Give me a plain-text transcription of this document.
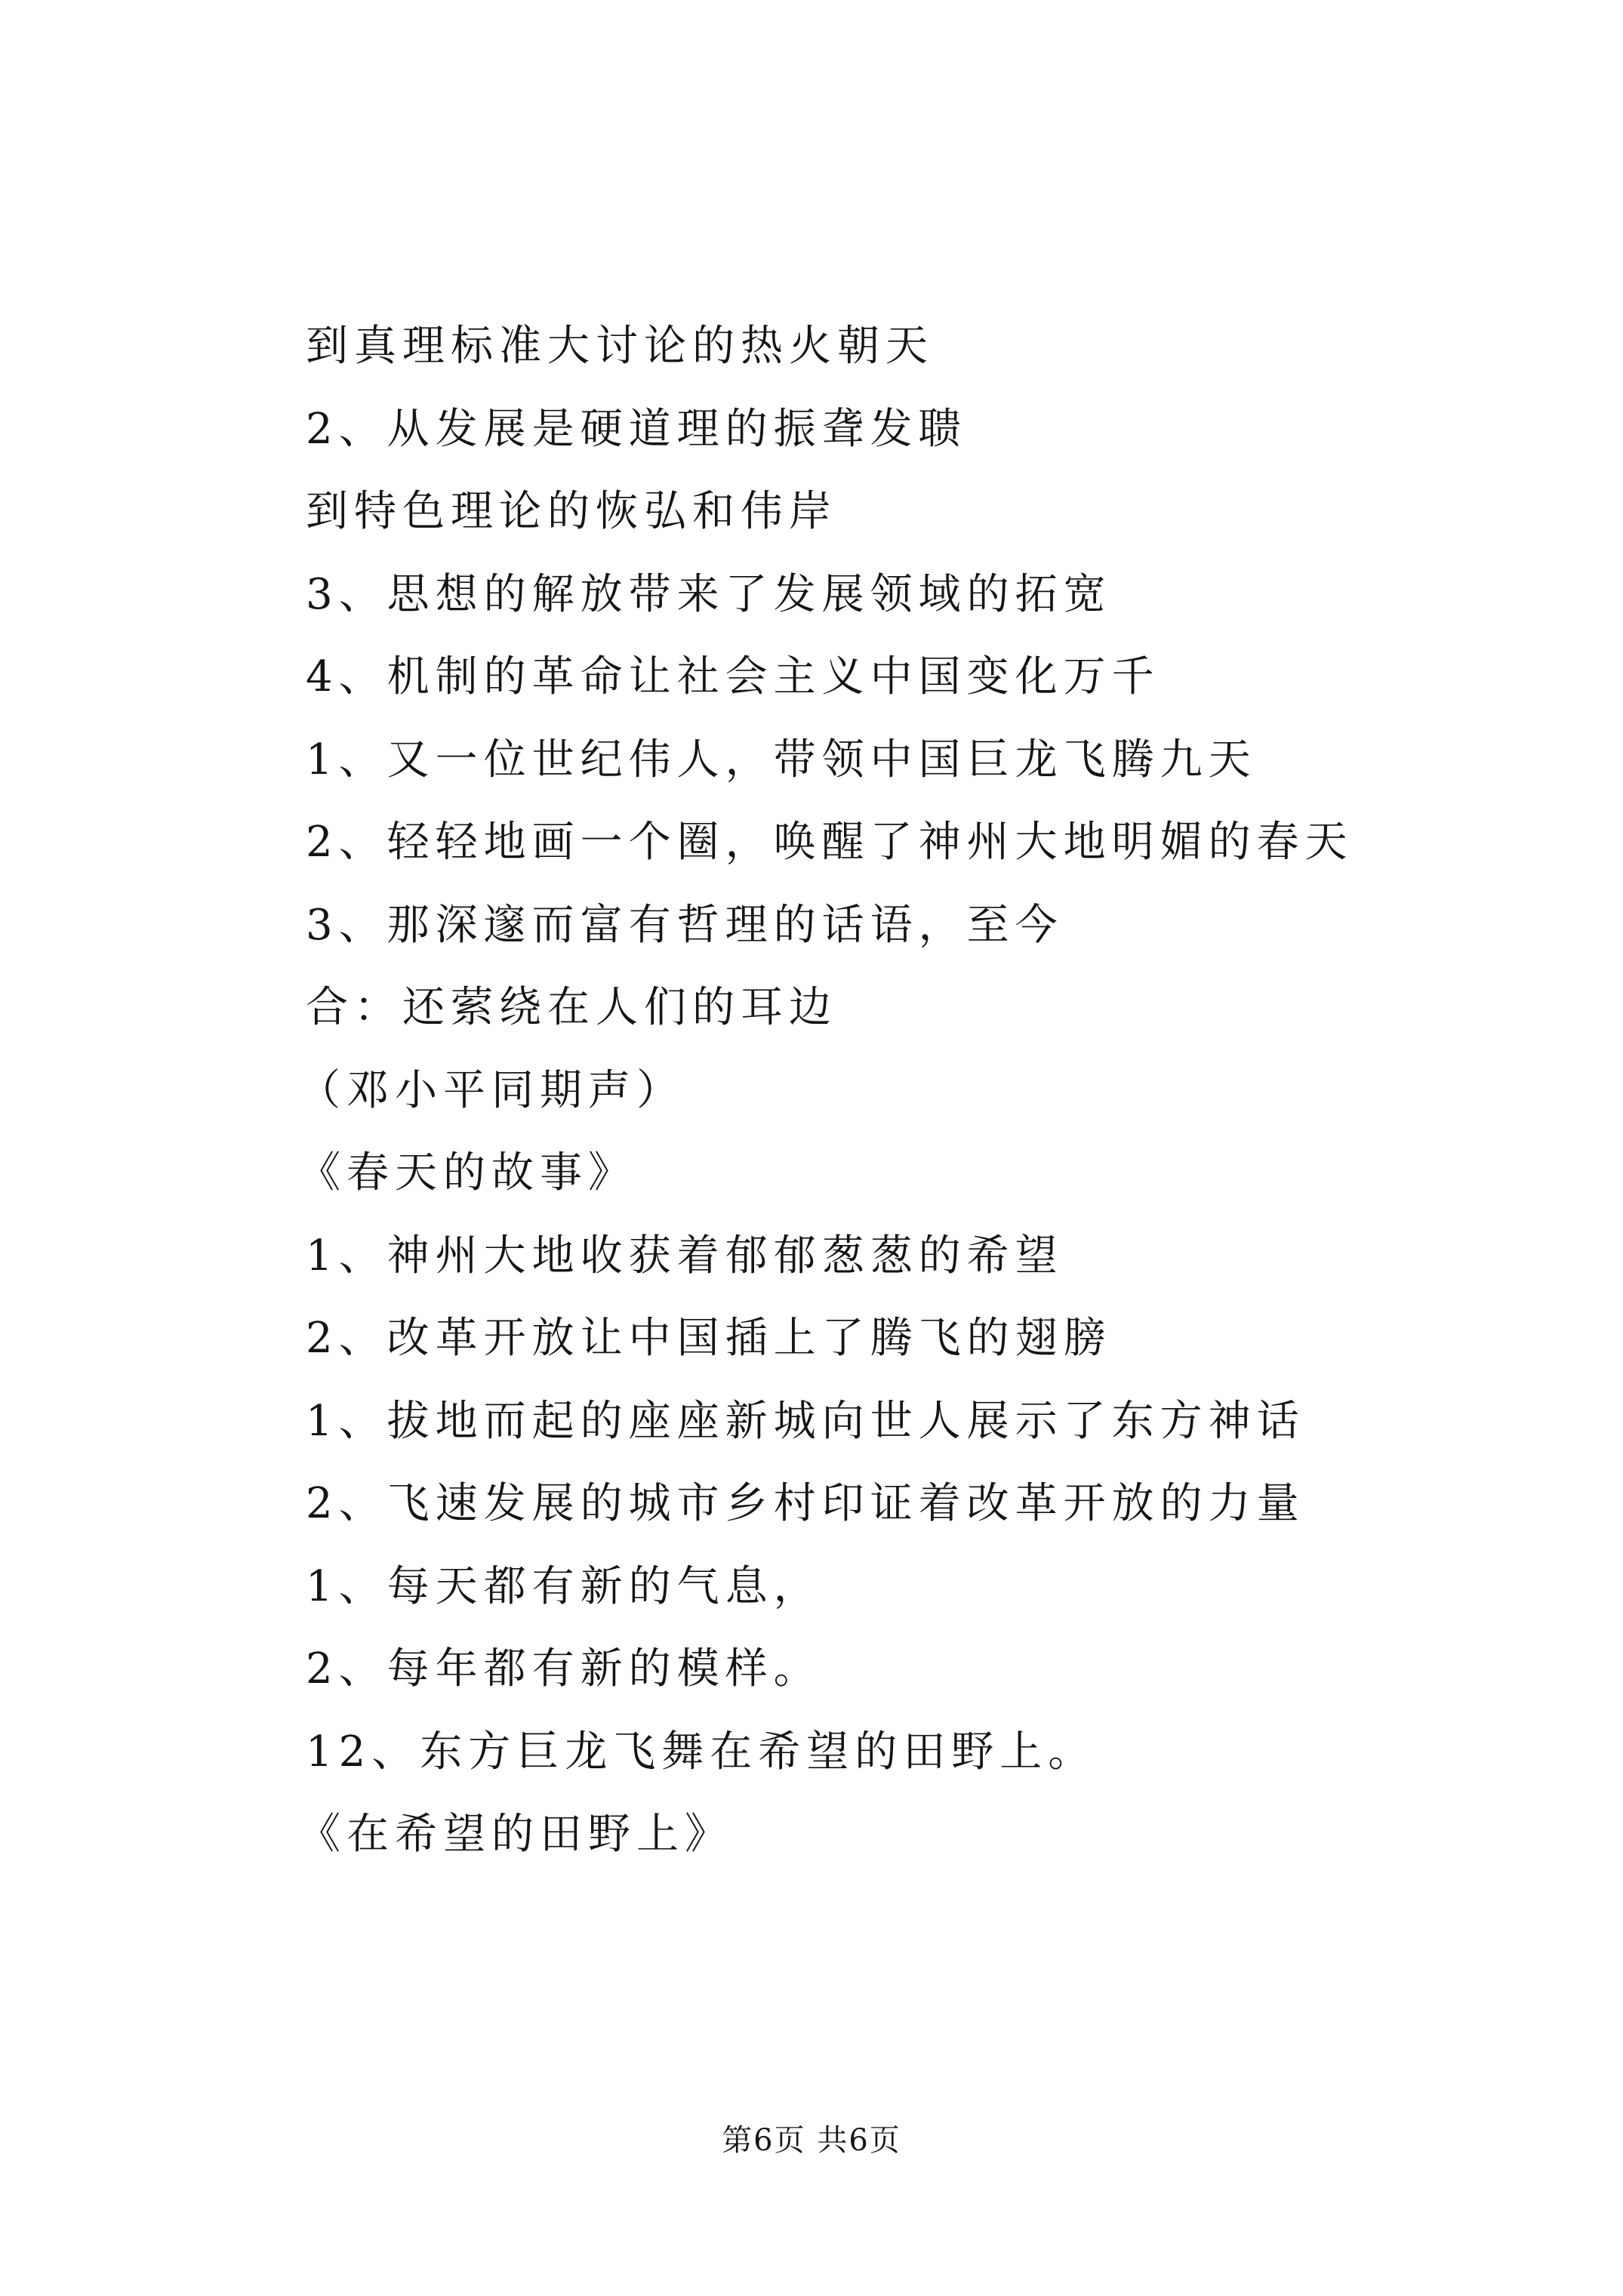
到真理标准大讨论的热火朝天
2、从发展是硬道理的振聋发聩
到特色理论的恢弘和伟岸
3、思想的解放带来了发展领域的拓宽
4、机制的革命让社会主义中国变化万千
1、又一位世纪伟人，带领中国巨龙飞腾九天
2、轻轻地画一个圈，唤醒了神州大地明媚的春天
3、那深邃而富有哲理的话语，至今
合：还萦绕在人们的耳边
（邓小平同期声）
《春天的故事》
1、神州大地收获着郁郁葱葱的希望
2、改革开放让中国插上了腾飞的翅膀
1、拔地而起的座座新城向世人展示了东方神话
2、飞速发展的城市乡村印证着改革开放的力量
1、每天都有新的气息，
2、每年都有新的模样。
12、东方巨龙飞舞在希望的田野上。
《在希望的田野上》
第6页 共6页
